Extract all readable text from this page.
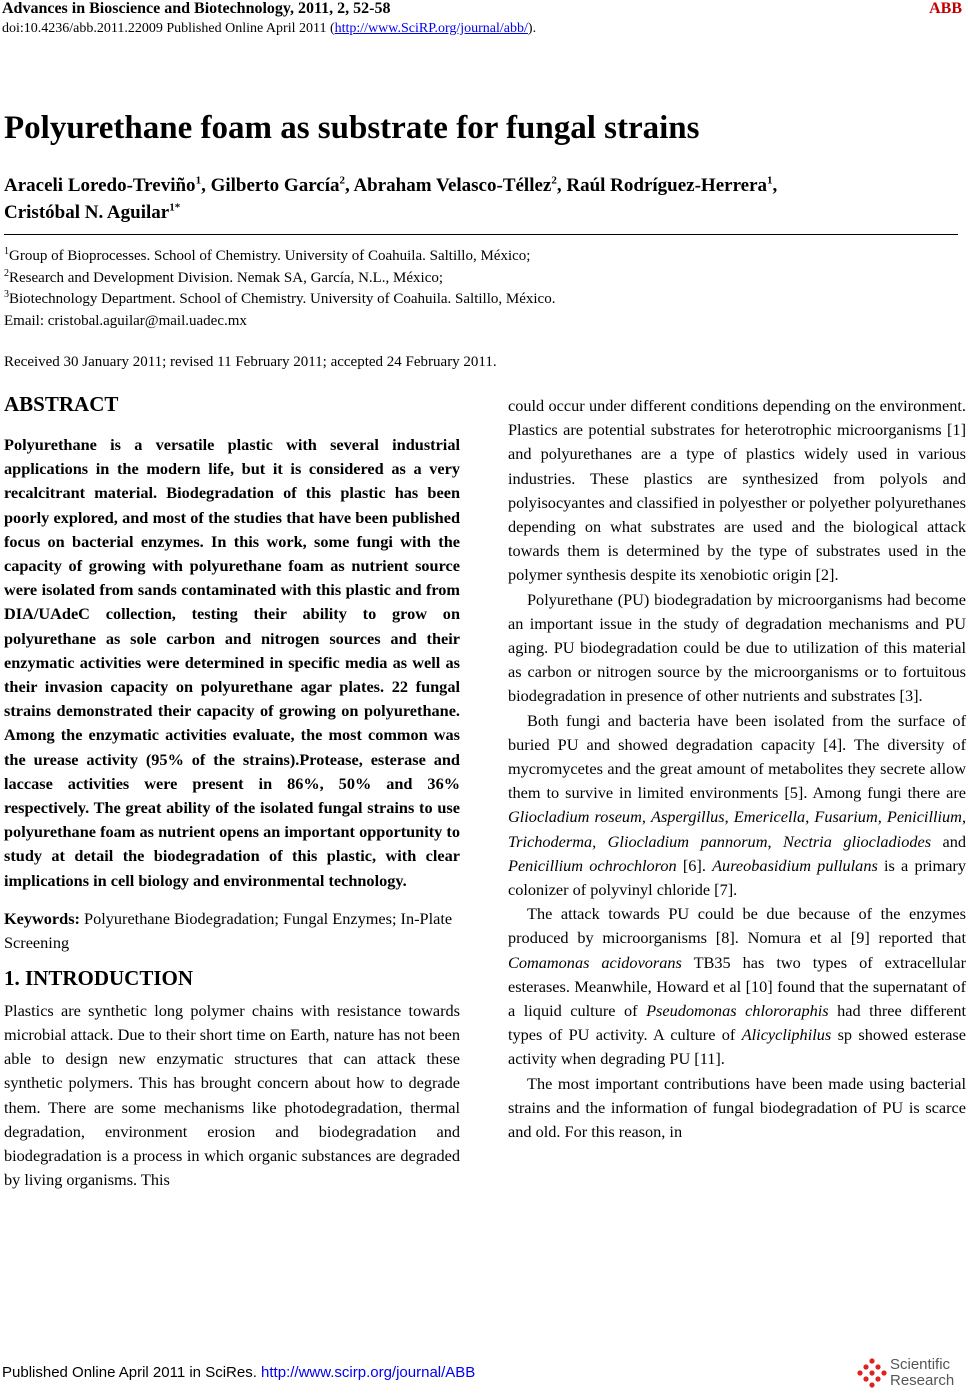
Advances in Bioscience and Biotechnology, 2011, 2, 52-58	ABB
doi:10.4236/abb.2011.22009 Published Online April 2011 (http://www.SciRP.org/journal/abb/).
Polyurethane foam as substrate for fungal strains
Araceli Loredo-Treviño$^1$, Gilberto García$^2$, Abraham Velasco-Téllez$^2$, Raúl Rodríguez-Herrera$^1$,
Cristóbal N. Aguilar$^{1*}$
$^1$Group of Bioprocesses. School of Chemistry. University of Coahuila. Saltillo, México;
$^2$Research and Development Division. Nemak SA, García, N.L., México;
$^3$Biotechnology Department. School of Chemistry. University of Coahuila. Saltillo, México.
Email: cristobal.aguilar@mail.uadec.mx
Received 30 January 2011; revised 11 February 2011; accepted 24 February 2011.
ABSTRACT

Polyurethane is a versatile plastic with several industrial applications in the modern life, but it is considered as a very recalcitrant material. Biodegradation of this plastic has been poorly explored, and most of the studies that have been published focus on bacterial enzymes. In this work, some fungi with the capacity of growing with polyurethane foam as nutrient source were isolated from sands contaminated with this plastic and from DIA/UAdeC collection, testing their ability to grow on polyurethane as sole carbon and nitrogen sources and their enzymatic activities were determined in specific media as well as their invasion capacity on polyurethane agar plates. 22 fungal strains demonstrated their capacity of growing on polyurethane. Among the enzymatic activities evaluate, the most common was the urease activity (95% of the strains).Protease, esterase and laccase activities were present in 86%, 50% and 36% respectively. The great ability of the isolated fungal strains to use polyurethane foam as nutrient opens an important opportunity to study at detail the biodegradation of this plastic, with clear implications in cell biology and environmental technology.

Keywords: Polyurethane Biodegradation; Fungal Enzymes; In-Plate Screening
1. INTRODUCTION

Plastics are synthetic long polymer chains with resistance towards microbial attack. Due to their short time on Earth, nature has not been able to design new enzymatic structures that can attack these synthetic polymers. This has brought concern about how to degrade them. There are some mechanisms like photodegradation, thermal degradation, environment erosion and biodegradation and biodegradation is a process in which organic substances are degraded by living organisms. This

could occur under different conditions depending on the environment. Plastics are potential substrates for heterotrophic microorganisms [1] and polyurethanes are a type of plastics widely used in various industries. These plastics are synthesized from polyols and polyisocyantes and classified in polyesther or polyether polyurethanes depending on what substrates are used and the biological attack towards them is determined by the type of substrates used in the polymer synthesis despite its xenobiotic origin [2].

Polyurethane (PU) biodegradation by microorganisms had become an important issue in the study of degradation mechanisms and PU aging. PU biodegradation could be due to utilization of this material as carbon or nitrogen source by the microorganisms or to fortuitous biodegradation in presence of other nutrients and substrates [3].

Both fungi and bacteria have been isolated from the surface of buried PU and showed degradation capacity [4]. The diversity of mycromycetes and the great amount of metabolites they secrete allow them to survive in limited environments [5]. Among fungi there are Gliocladium roseum, Aspergillus, Emericella, Fusarium, Penicillium, Trichoderma, Gliocladium pannorum, Nectria gliocladiodes and Penicillium ochrochloron [6]. Aureobasidium pullulans is a primary colonizer of polyvinyl chloride [7].

The attack towards PU could be due because of the enzymes produced by microorganisms [8]. Nomura et al [9] reported that Comamonas acidovorans TB35 has two types of extracellular esterases. Meanwhile, Howard et al [10] found that the supernatant of a liquid culture of Pseudomonas chlororaphis had three different types of PU activity. A culture of Alicycliphilus sp showed esterase activity when degrading PU [11].

The most important contributions have been made using bacterial strains and the information of fungal biodegradation of PU is scarce and old. For this reason, in

Published Online April 2011 in SciRes. http://www.scirp.org/journal/ABB	Scientific
Research
